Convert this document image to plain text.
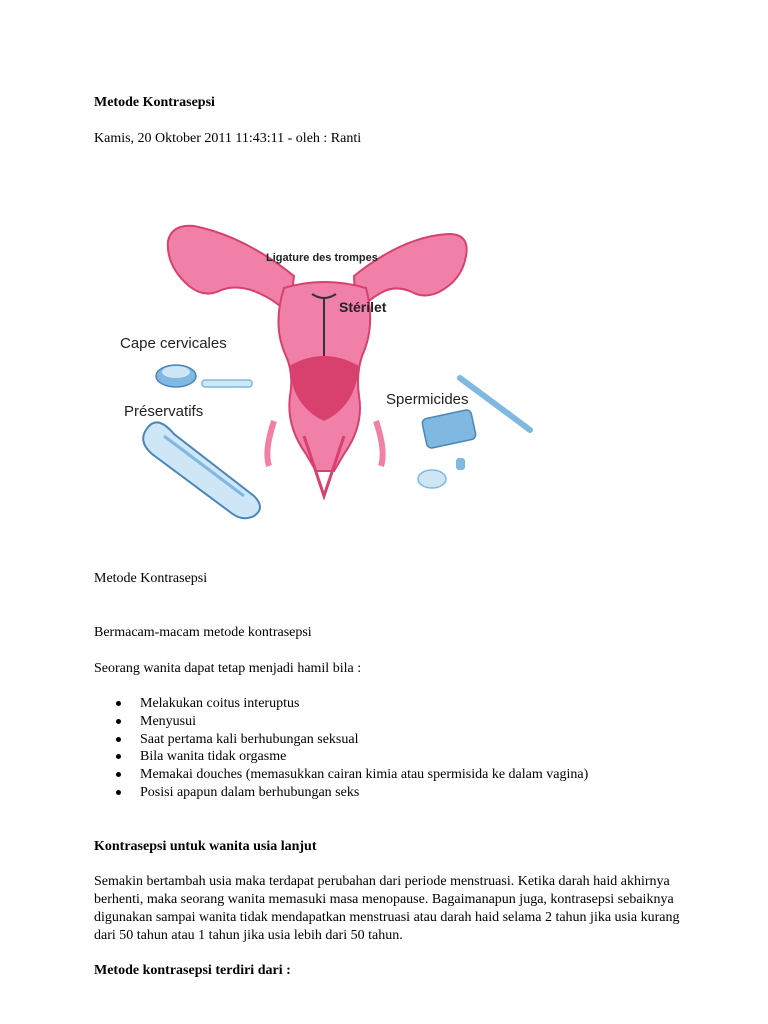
Metode Kontrasepsi

Kamis, 20 Oktober 2011 11:43:11 - oleh : Ranti

Ligature des trompes
Stérilet
Cape cervicales
Préservatifs
Spermicides

Metode Kontrasepsi

Bermacam-macam metode kontrasepsi

Seorang wanita dapat tetap menjadi hamil bila :

Melakukan coitus interuptus
Menyusui
Saat pertama kali berhubungan seksual
Bila wanita tidak orgasme
Memakai douches (memasukkan cairan kimia atau spermisida ke dalam vagina)
Posisi apapun dalam berhubungan seks

Kontrasepsi untuk wanita usia lanjut

Semakin bertambah usia maka terdapat perubahan dari periode menstruasi. Ketika darah haid akhirnya berhenti, maka seorang wanita memasuki masa menopause. Bagaimanapun juga, kontrasepsi sebaiknya digunakan sampai wanita tidak mendapatkan menstruasi atau darah haid selama 2 tahun jika usia kurang dari 50 tahun atau 1 tahun jika usia lebih dari 50 tahun.

Metode kontrasepsi terdiri dari :
